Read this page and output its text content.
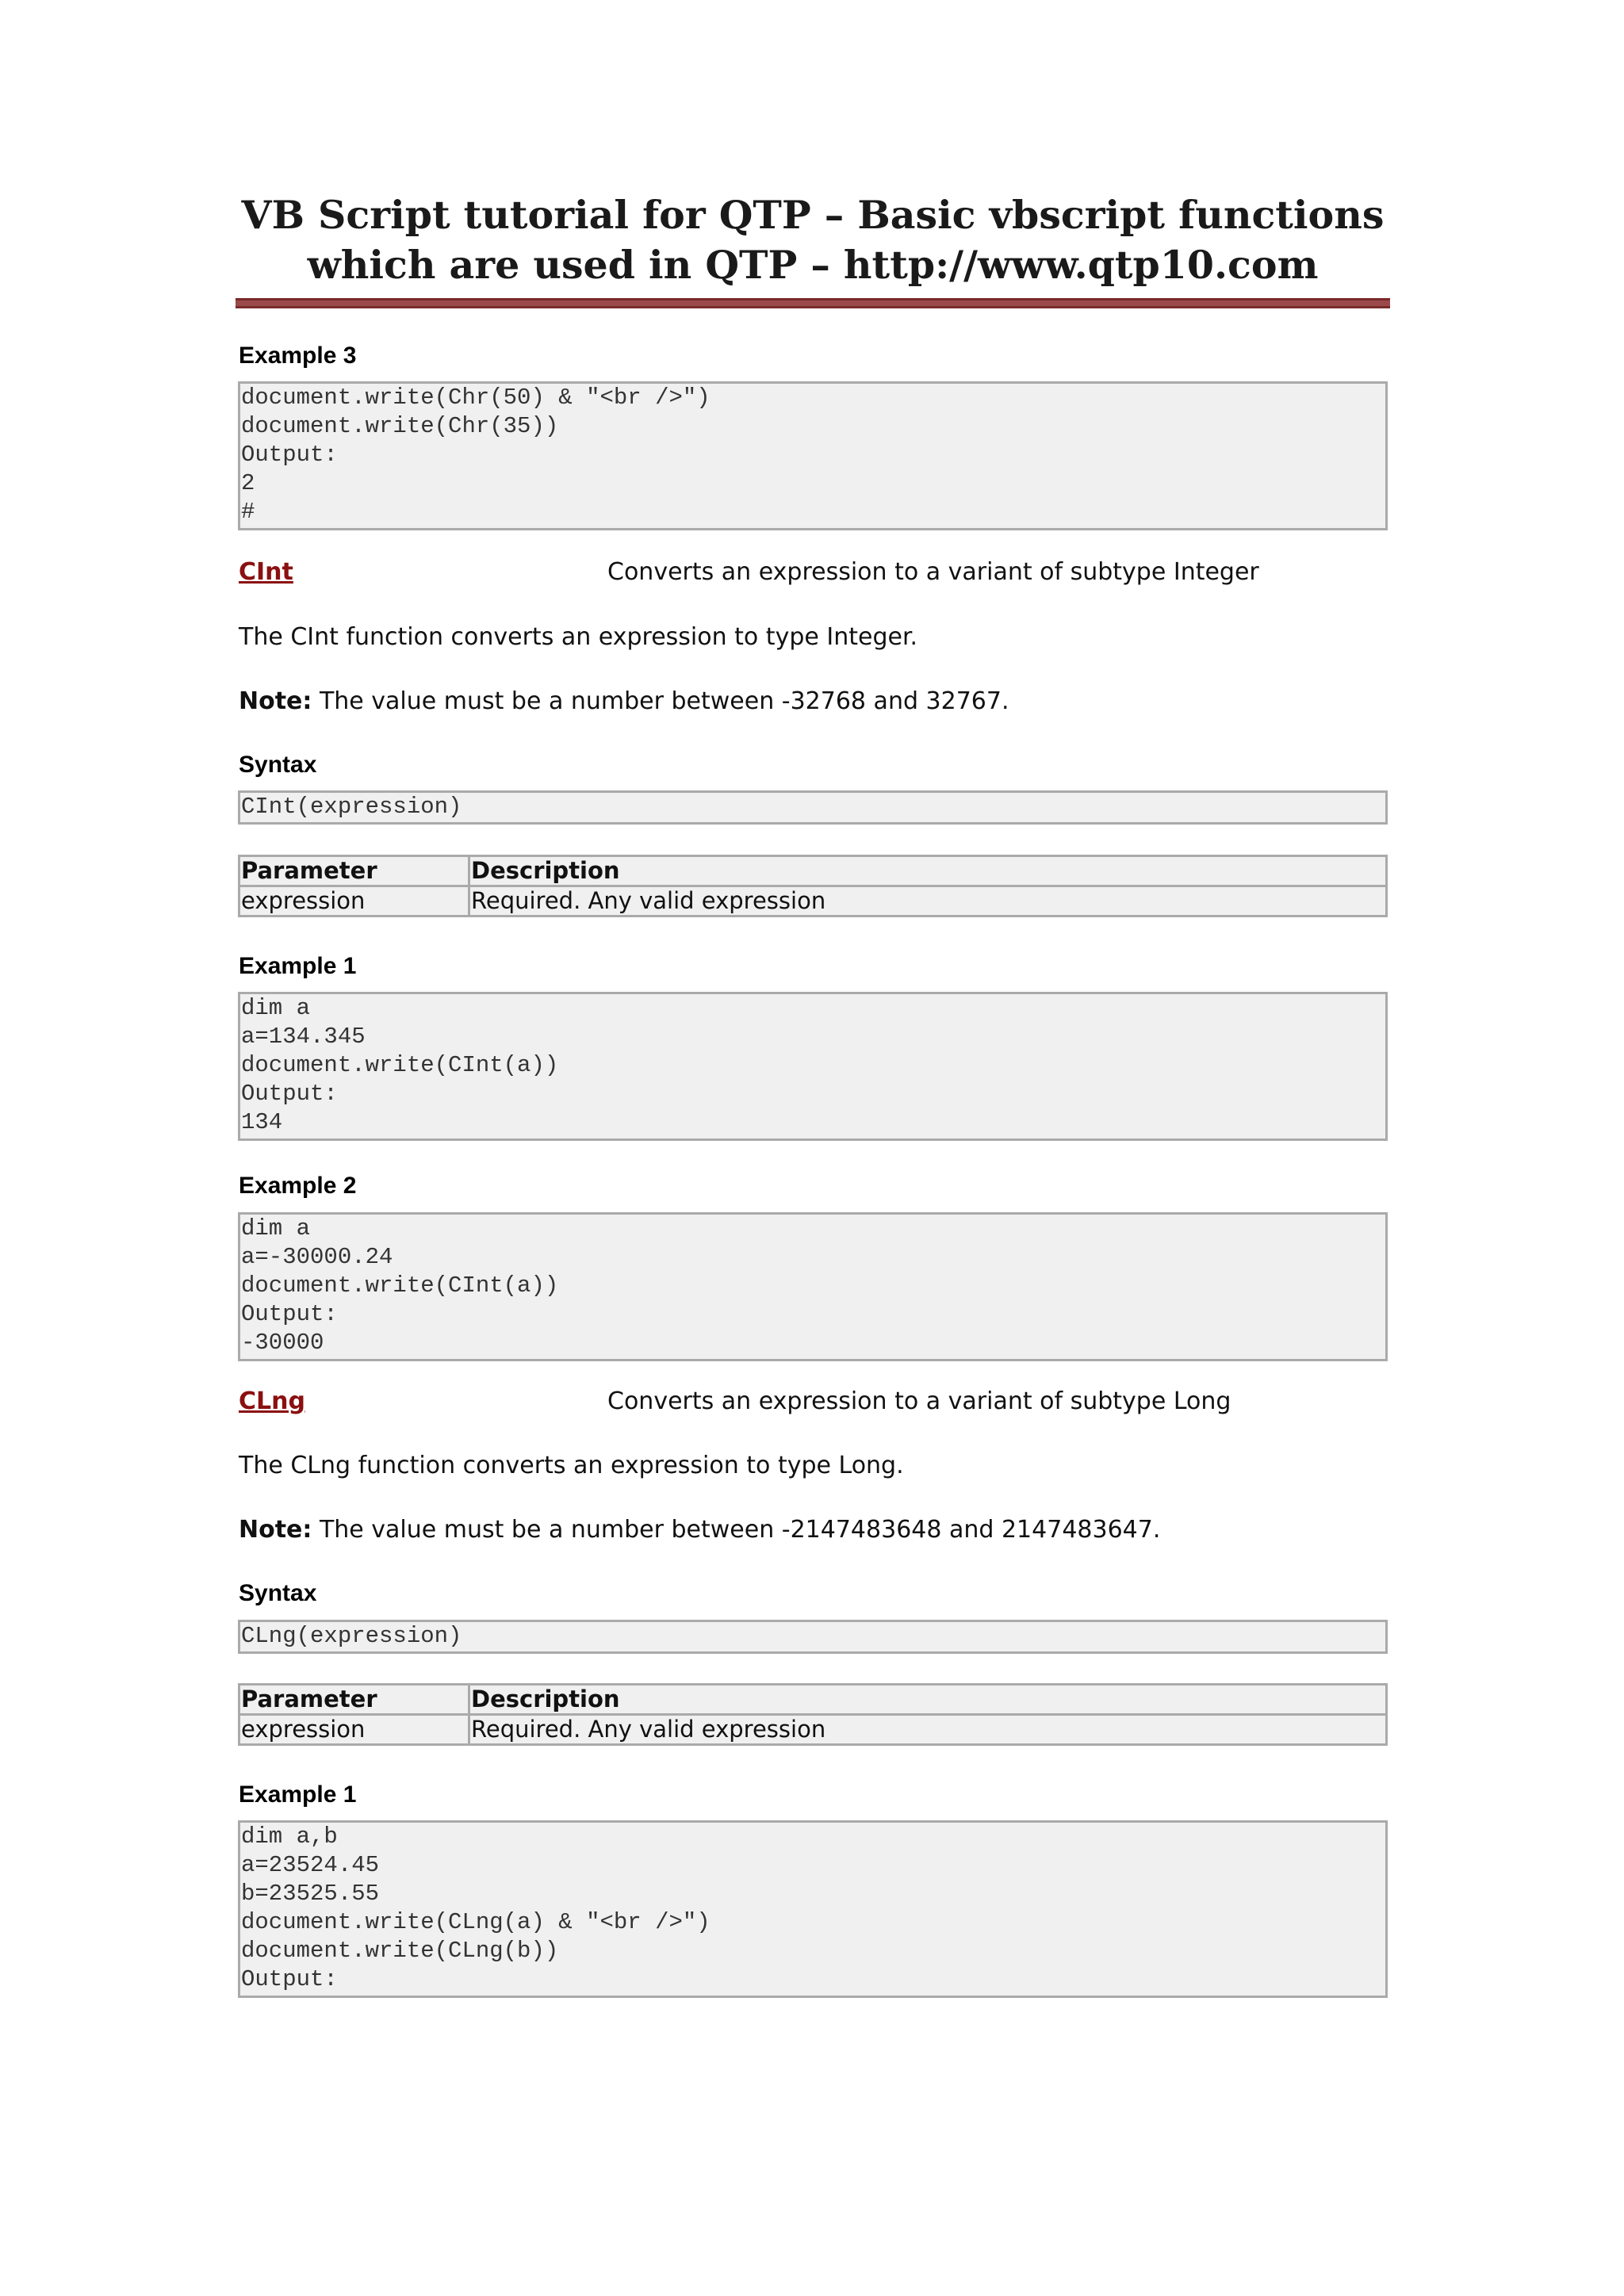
VB Script tutorial for QTP – Basic vbscript functions which are used in QTP – http://www.qtp10.com
Example 3
document.write(Chr(50) & "<br />")
document.write(Chr(35))
Output:
2
#
CInt	Converts an expression to a variant of subtype Integer
The CInt function converts an expression to type Integer.
Note: The value must be a number between -32768 and 32767.
Syntax
CInt(expression)
Parameter	Description
expression	Required. Any valid expression
Example 1
dim a
a=134.345
document.write(CInt(a))
Output:
134
Example 2
dim a
a=-30000.24
document.write(CInt(a))
Output:
-30000
CLng	Converts an expression to a variant of subtype Long
The CLng function converts an expression to type Long.
Note: The value must be a number between -2147483648 and 2147483647.
Syntax
CLng(expression)
Parameter	Description
expression	Required. Any valid expression
Example 1
dim a,b
a=23524.45
b=23525.55
document.write(CLng(a) & "<br />")
document.write(CLng(b))
Output:
